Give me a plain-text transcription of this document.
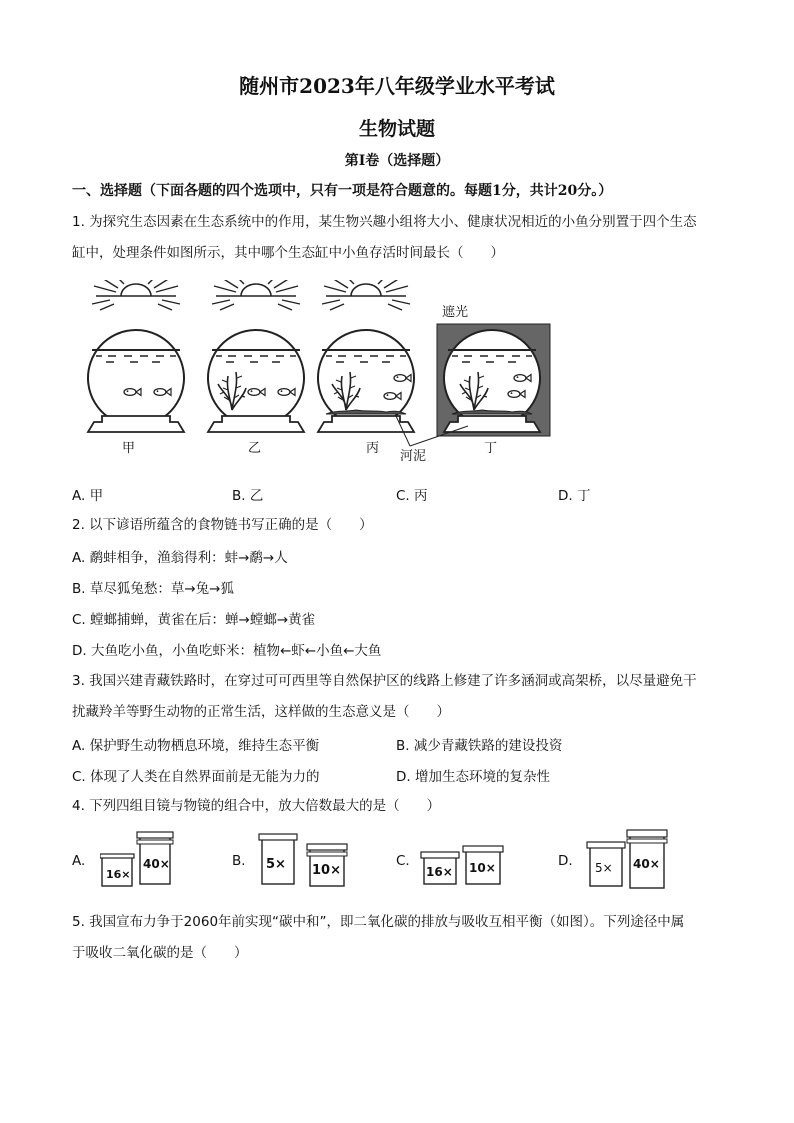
随州市2023年八年级学业水平考试
生物试题
第I卷（选择题）
一、选择题（下面各题的四个选项中，只有一项是符合题意的。每题1分，共计20分。）
1. 为探究生态因素在生态系统中的作用，某生物兴趣小组将大小、健康状况相近的小鱼分别置于四个生态
缸中，处理条件如图所示，其中哪个生态缸中小鱼存活时间最长（　　）
遮光
甲	乙	丙	丁
河泥
A. 甲	B. 乙	C. 丙	D. 丁
2. 以下谚语所蕴含的食物链书写正确的是（　　）
A. 鹬蚌相争，渔翁得利：蚌→鹬→人
B. 草尽狐兔愁：草→兔→狐
C. 螳螂捕蝉，黄雀在后：蝉→螳螂→黄雀
D. 大鱼吃小鱼，小鱼吃虾米：植物←虾←小鱼←大鱼
3. 我国兴建青藏铁路时，在穿过可可西里等自然保护区的线路上修建了许多涵洞或高架桥，以尽量避免干
扰藏羚羊等野生动物的正常生活，这样做的生态意义是（　　）
A. 保护野生动物栖息环境，维持生态平衡	B. 减少青藏铁路的建设投资
C. 体现了人类在自然界面前是无能为力的	D. 增加生态环境的复杂性
4. 下列四组目镜与物镜的组合中，放大倍数最大的是（　　）
A.
16×
40×	B. 5× 10×
C.
16× 10×	D. 5× 40×
5. 我国宣布力争于2060年前实现“碳中和”，即二氧化碳的排放与吸收互相平衡（如图）。下列途径中属
于吸收二氧化碳的是（　　）
